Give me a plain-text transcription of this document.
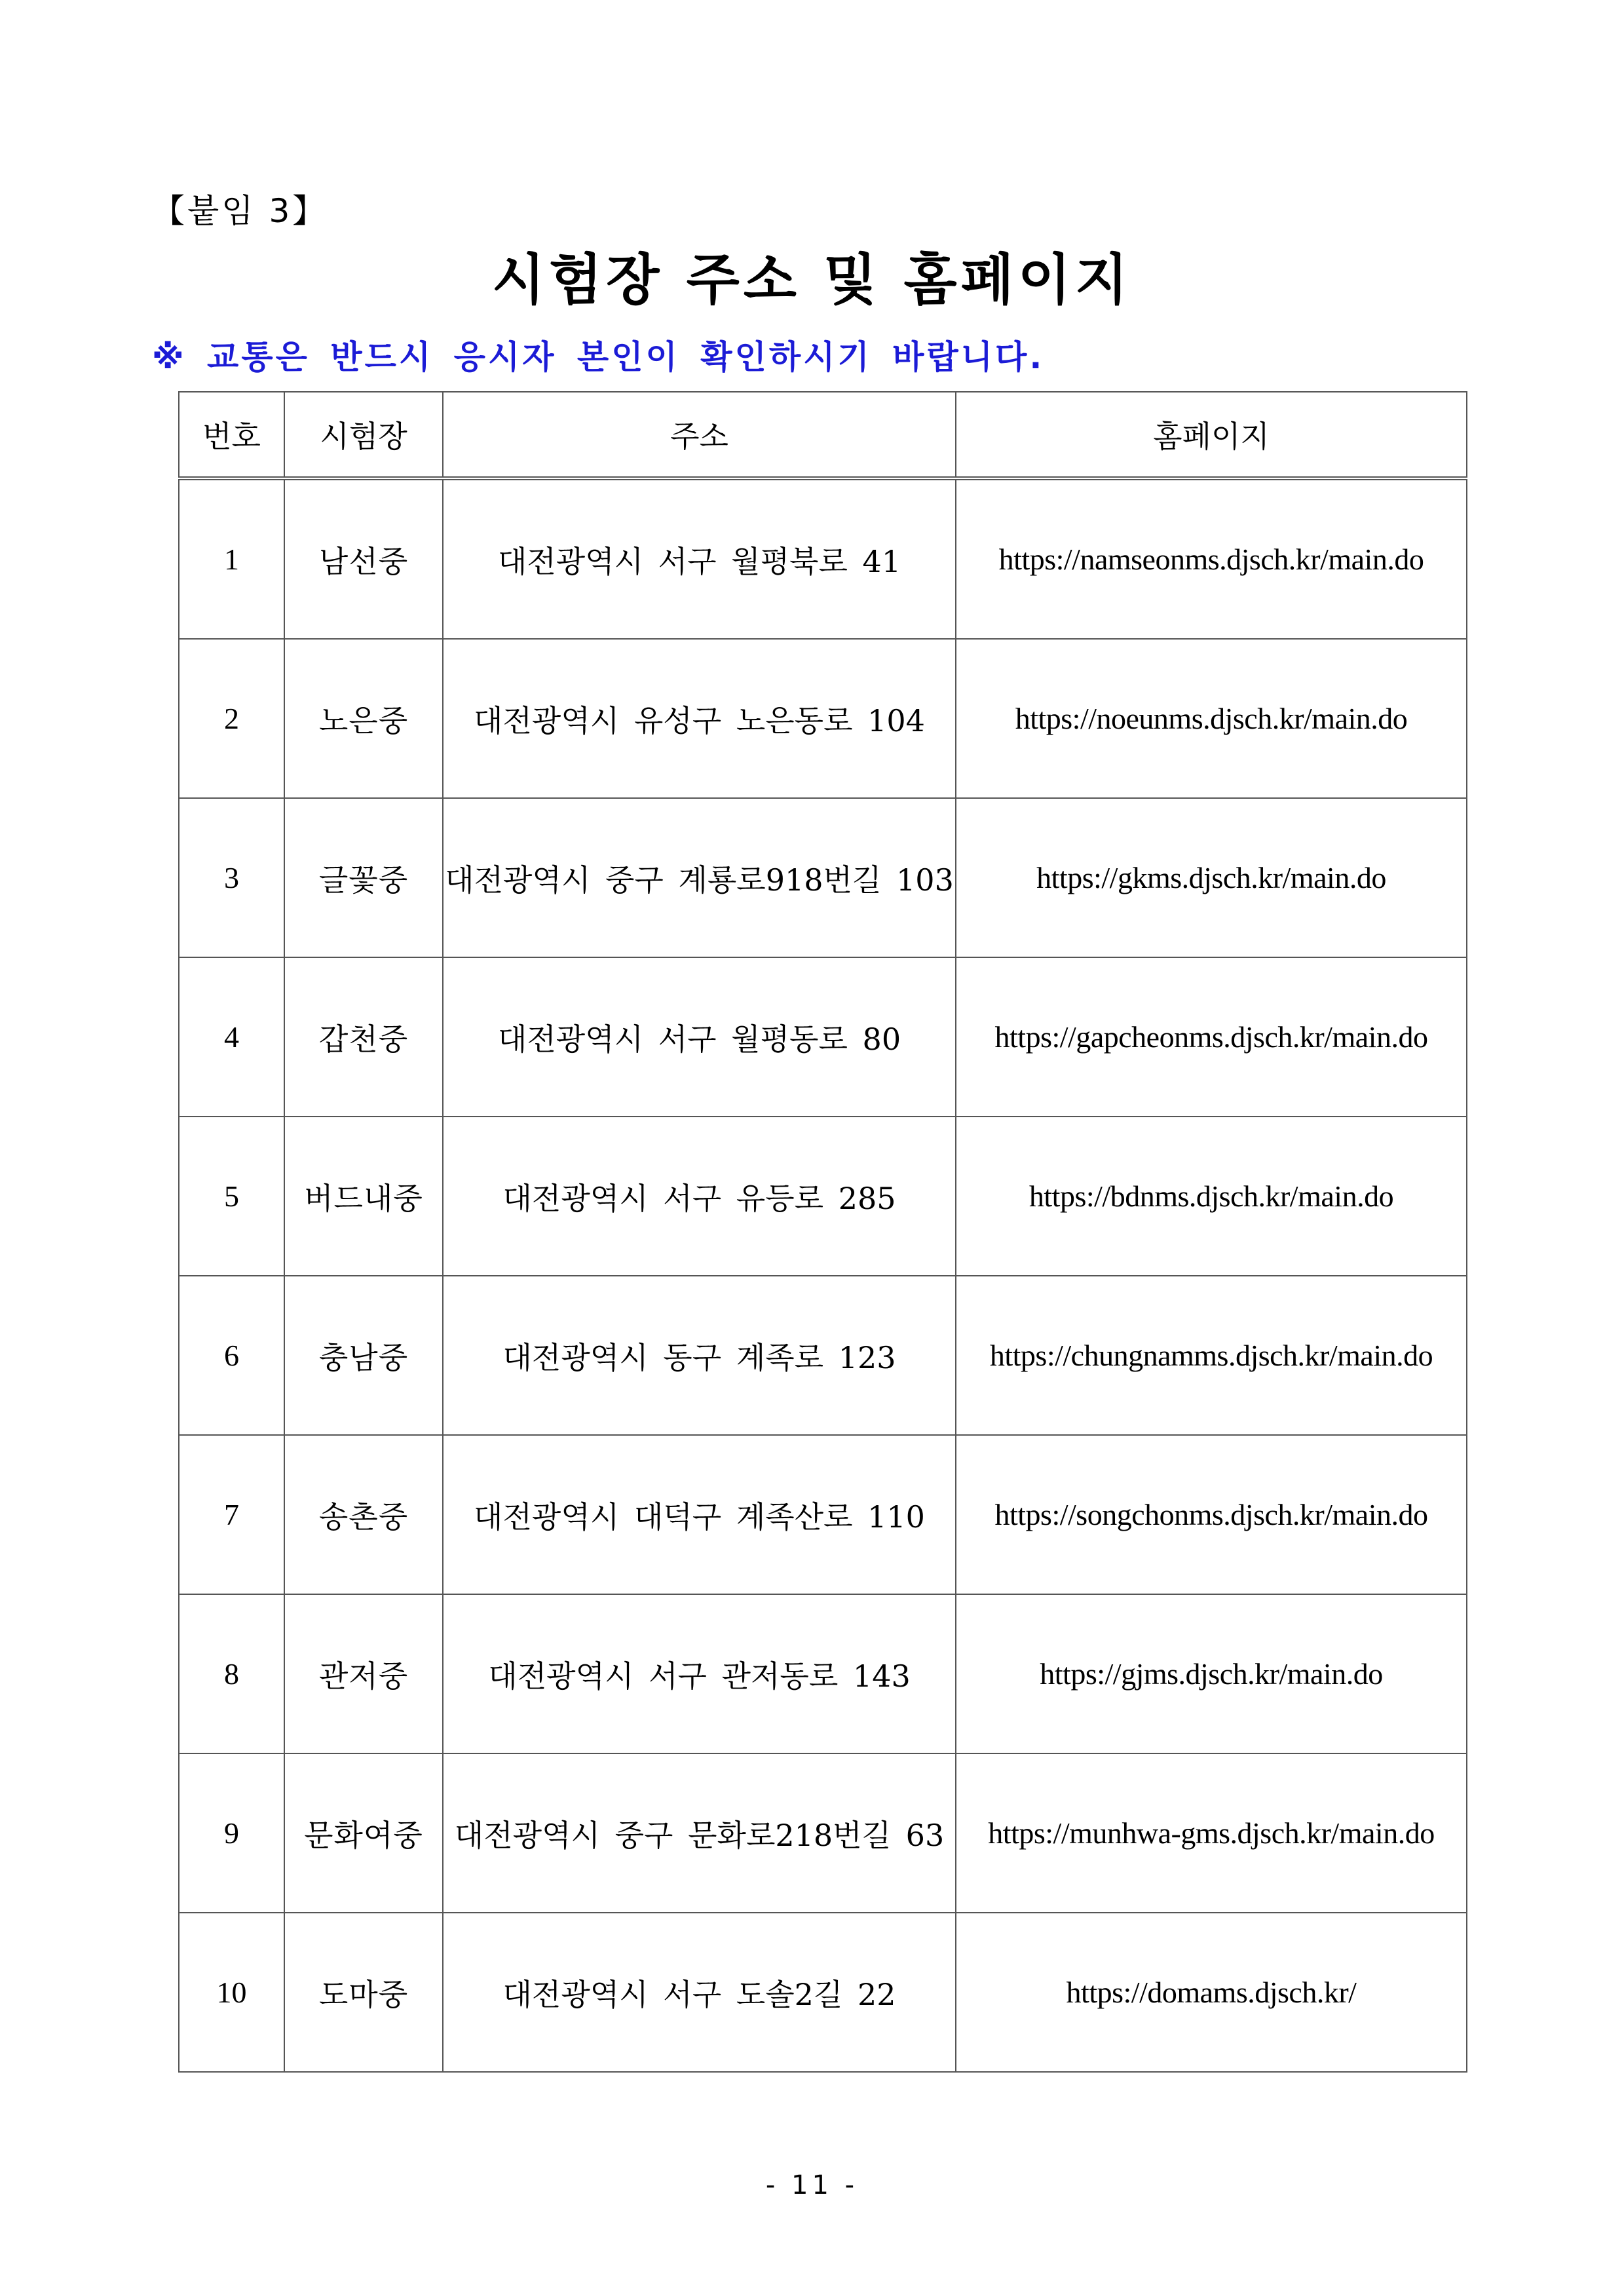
【붙임 3】
시험장 주소 및 홈페이지
※ 교통은 반드시 응시자 본인이 확인하시기 바랍니다.
번호	시험장	주소	홈페이지
1	남선중	대전광역시 서구 월평북로 41	https://namseonms.djsch.kr/main.do
2	노은중	대전광역시 유성구 노은동로 104	https://noeunms.djsch.kr/main.do
3	글꽃중	대전광역시 중구 계룡로918번길 103	https://gkms.djsch.kr/main.do
4	갑천중	대전광역시 서구 월평동로 80	https://gapcheonms.djsch.kr/main.do
5	버드내중	대전광역시 서구 유등로 285	https://bdnms.djsch.kr/main.do
6	충남중	대전광역시 동구 계족로 123	https://chungnamms.djsch.kr/main.do
7	송촌중	대전광역시 대덕구 계족산로 110	https://songchonms.djsch.kr/main.do
8	관저중	대전광역시 서구 관저동로 143	https://gjms.djsch.kr/main.do
9	문화여중	대전광역시 중구 문화로218번길 63	https://munhwa-gms.djsch.kr/main.do
10	도마중	대전광역시 서구 도솔2길 22	https://domams.djsch.kr/
- 11 -
